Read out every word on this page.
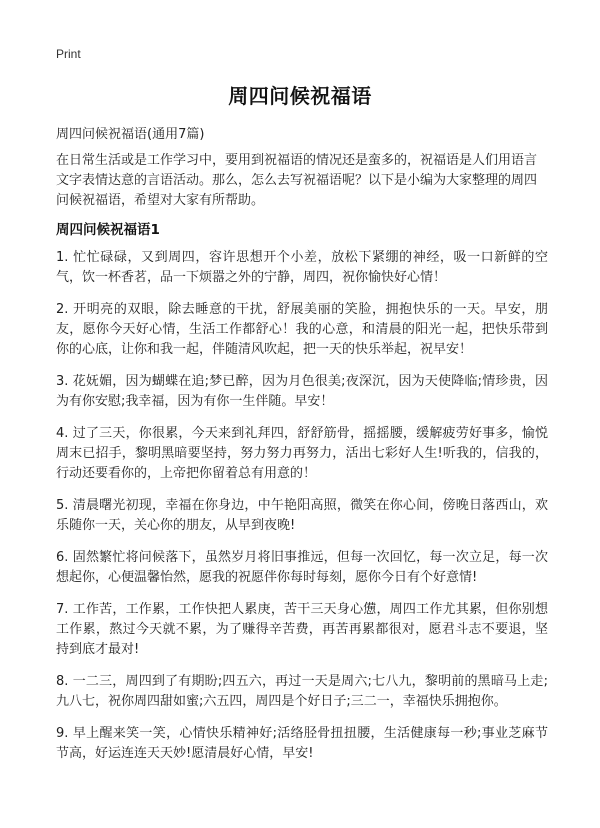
Print
周四问候祝福语
周四问候祝福语(通用7篇)
在日常生活或是工作学习中，要用到祝福语的情况还是蛮多的，祝福语是人们用语言文字表情达意的言语活动。那么，怎么去写祝福语呢？以下是小编为大家整理的周四问候祝福语，希望对大家有所帮助。
周四问候祝福语1
1. 忙忙碌碌，又到周四，容许思想开个小差，放松下紧绷的神经，吸一口新鲜的空气，饮一杯香茗，品一下烦嚣之外的宁静，周四，祝你愉快好心情！
2. 开明亮的双眼，除去睡意的干扰，舒展美丽的笑脸，拥抱快乐的一天。早安，朋友，愿你今天好心情，生活工作都舒心！我的心意，和清晨的阳光一起，把快乐带到你的心底，让你和我一起，伴随清风吹起，把一天的快乐举起，祝早安！
3. 花妩媚，因为蝴蝶在追;梦已醉，因为月色很美;夜深沉，因为天使降临;情珍贵，因为有你安慰;我幸福，因为有你一生伴随。早安！
4. 过了三天，你很累，今天来到礼拜四，舒舒筋骨，摇摇腰，缓解疲劳好事多，愉悦周末已招手，黎明黑暗要坚持，努力努力再努力，活出七彩好人生!听我的，信我的，行动还要看你的，上帝把你留着总有用意的！
5. 清晨曙光初现，幸福在你身边，中午艳阳高照，微笑在你心间，傍晚日落西山，欢乐随你一天，关心你的朋友，从早到夜晚!
6. 固然繁忙将问候落下，虽然岁月将旧事推远，但每一次回忆，每一次立足，每一次想起你，心便温馨怡然，愿我的祝愿伴你每时每刻，愿你今日有个好意情!
7. 工作苦，工作累，工作快把人累庚，苦干三天身心憊，周四工作尤其累，但你别想工作累，熬过今天就不累，为了赚得辛苦费，再苦再累都很对，愿君斗志不要退，坚持到底才最对!
8. 一二三，周四到了有期盼;四五六，再过一天是周六;七八九，黎明前的黑暗马上走;九八七，祝你周四甜如蜜;六五四，周四是个好日子;三二一，幸福快乐拥抱你。
9. 早上醒来笑一笑，心情快乐精神好;活络胫骨扭扭腰，生活健康每一秒;事业芝麻节节高，好运连连天天妙!愿清晨好心情，早安!
